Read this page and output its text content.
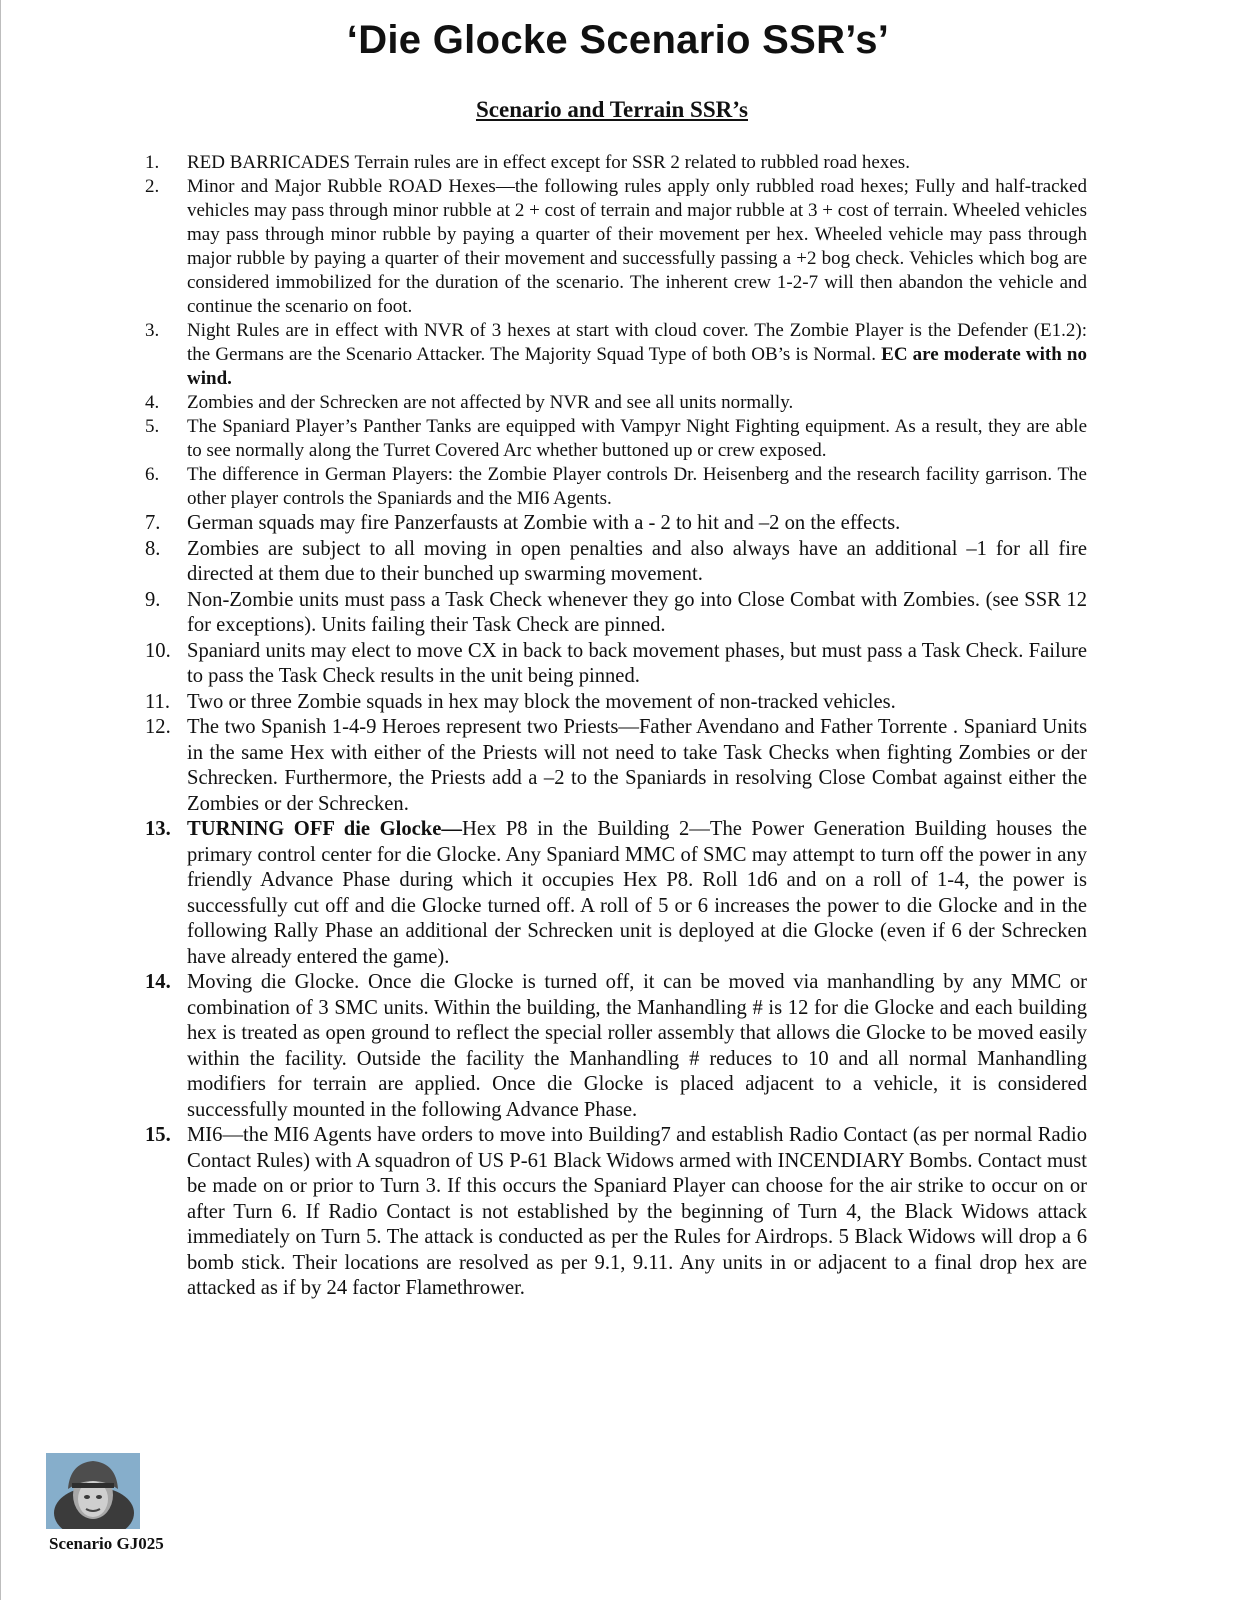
‘Die Glocke Scenario SSR’s’
Scenario and Terrain SSR’s
1.	RED BARRICADES Terrain rules are in effect except for SSR 2 related to rubbled road hexes.
2.	Minor and Major Rubble ROAD Hexes—the following rules apply only rubbled road hexes; Fully and half-tracked vehicles may pass through minor rubble at 2 + cost of terrain and major rubble at 3 + cost of terrain. Wheeled vehicles may pass through minor rubble by paying a quarter of their movement per hex. Wheeled vehicle may pass through major rubble by paying a quarter of their movement and successfully passing a +2 bog check. Vehicles which bog are considered immobilized for the duration of the scenario. The inherent crew 1-2-7 will then abandon the vehicle and continue the scenario on foot.
3.	Night Rules are in effect with NVR of 3 hexes at start with cloud cover. The Zombie Player is the Defender (E1.2): the Germans are the Scenario Attacker. The Majority Squad Type of both OB’s is Normal. EC are moderate with no wind.
4.	Zombies and der Schrecken are not affected by NVR and see all units normally.
5.	The Spaniard Player’s Panther Tanks are equipped with Vampyr Night Fighting equipment. As a result, they are able to see normally along the Turret Covered Arc whether buttoned up or crew exposed.
6.	The difference in German Players: the Zombie Player controls Dr. Heisenberg and the research facility garrison. The other player controls the Spaniards and the MI6 Agents.
7.	German squads may fire Panzerfausts at Zombie with a - 2 to hit and –2 on the effects.
8.	Zombies are subject to all moving in open penalties and also always have an additional –1 for all fire directed at them due to their bunched up swarming movement.
9.	Non-Zombie units must pass a Task Check whenever they go into Close Combat with Zombies. (see SSR 12 for exceptions). Units failing their Task Check are pinned.
10. Spaniard units may elect to move CX in back to back movement phases, but must pass a Task Check. Failure to pass the Task Check results in the unit being pinned.
11. Two or three Zombie squads in hex may block the movement of non-tracked vehicles.
12. The two Spanish 1-4-9 Heroes represent two Priests—Father Avendano and Father Torrente . Spaniard Units in the same Hex with either of the Priests will not need to take Task Checks when fighting Zombies or der Schrecken. Furthermore, the Priests add a –2 to the Spaniards in resolving Close Combat against either the Zombies or der Schrecken.
13. TURNING OFF die Glocke—Hex P8 in the Building 2—The Power Generation Building houses the primary control center for die Glocke. Any Spaniard MMC of SMC may attempt to turn off the power in any friendly Advance Phase during which it occupies Hex P8. Roll 1d6 and on a roll of 1-4, the power is successfully cut off and die Glocke turned off. A roll of 5 or 6 increases the power to die Glocke and in the following Rally Phase an additional der Schrecken unit is deployed at die Glocke (even if 6 der Schrecken have already entered the game).
14. Moving die Glocke. Once die Glocke is turned off, it can be moved via manhandling by any MMC or combination of 3 SMC units. Within the building, the Manhandling # is 12 for die Glocke and each building hex is treated as open ground to reflect the special roller assembly that allows die Glocke to be moved easily within the facility. Outside the facility the Manhandling # reduces to 10 and all normal Manhandling modifiers for terrain are applied. Once die Glocke is placed adjacent to a vehicle, it is considered successfully mounted in the following Advance Phase.
15. MI6—the MI6 Agents have orders to move into Building7 and establish Radio Contact (as per normal Radio Contact Rules) with A squadron of US P-61 Black Widows armed with INCENDIARY Bombs. Contact must be made on or prior to Turn 3. If this occurs the Spaniard Player can choose for the air strike to occur on or after Turn 6. If Radio Contact is not established by the beginning of Turn 4, the Black Widows attack immediately on Turn 5. The attack is conducted as per the Rules for Airdrops. 5 Black Widows will drop a 6 bomb stick. Their locations are resolved as per 9.1, 9.11. Any units in or adjacent to a final drop hex are attacked as if by 24 factor Flamethrower.

Scenario GJ025
